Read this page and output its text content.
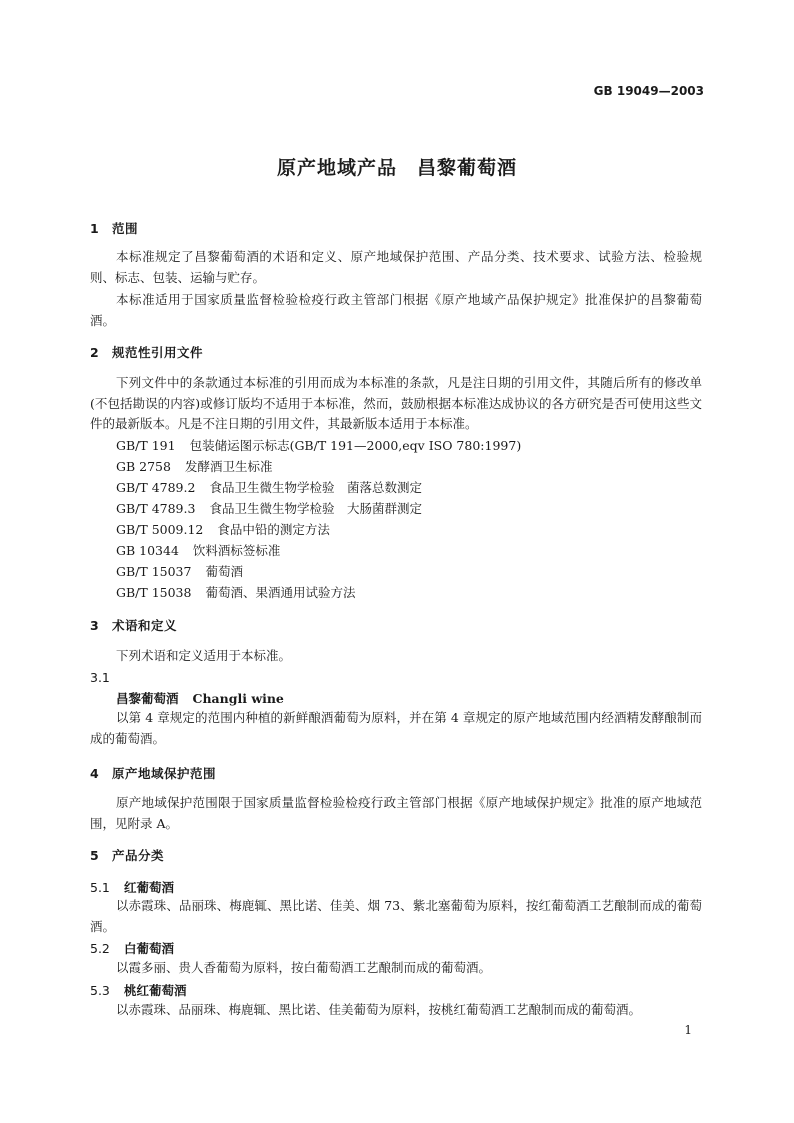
GB 19049—2003
原产地域产品　昌黎葡萄酒
1 范围
本标准规定了昌黎葡萄酒的术语和定义、原产地域保护范围、产品分类、技术要求、试验方法、检验规则、标志、包装、运输与贮存。
本标准适用于国家质量监督检验检疫行政主管部门根据《原产地域产品保护规定》批准保护的昌黎葡萄酒。
2 规范性引用文件
下列文件中的条款通过本标准的引用而成为本标准的条款，凡是注日期的引用文件，其随后所有的修改单(不包括勘误的内容)或修订版均不适用于本标准，然而，鼓励根据本标准达成协议的各方研究是否可使用这些文件的最新版本。凡是不注日期的引用文件，其最新版本适用于本标准。
GB/T 191 包装储运图示标志(GB/T 191—2000,eqv ISO 780:1997)
GB 2758 发酵酒卫生标准
GB/T 4789.2 食品卫生微生物学检验　菌落总数测定
GB/T 4789.3 食品卫生微生物学检验　大肠菌群测定
GB/T 5009.12 食品中铅的测定方法
GB 10344 饮料酒标签标准
GB/T 15037 葡萄酒
GB/T 15038 葡萄酒、果酒通用试验方法
3 术语和定义
下列术语和定义适用于本标准。
3.1
昌黎葡萄酒 Changli wine
以第 4 章规定的范围内种植的新鲜酿酒葡萄为原料，并在第 4 章规定的原产地域范围内经酒精发酵酿制而成的葡萄酒。
4 原产地域保护范围
原产地域保护范围限于国家质量监督检验检疫行政主管部门根据《原产地域保护规定》批准的原产地域范围，见附录 A。
5 产品分类
5.1 红葡萄酒
以赤霞珠、品丽珠、梅鹿辄、黑比诺、佳美、烟 73、紫北塞葡萄为原料，按红葡萄酒工艺酿制而成的葡萄酒。
5.2 白葡萄酒
以霞多丽、贵人香葡萄为原料，按白葡萄酒工艺酿制而成的葡萄酒。
5.3 桃红葡萄酒
以赤霞珠、品丽珠、梅鹿辄、黑比诺、佳美葡萄为原料，按桃红葡萄酒工艺酿制而成的葡萄酒。
1
